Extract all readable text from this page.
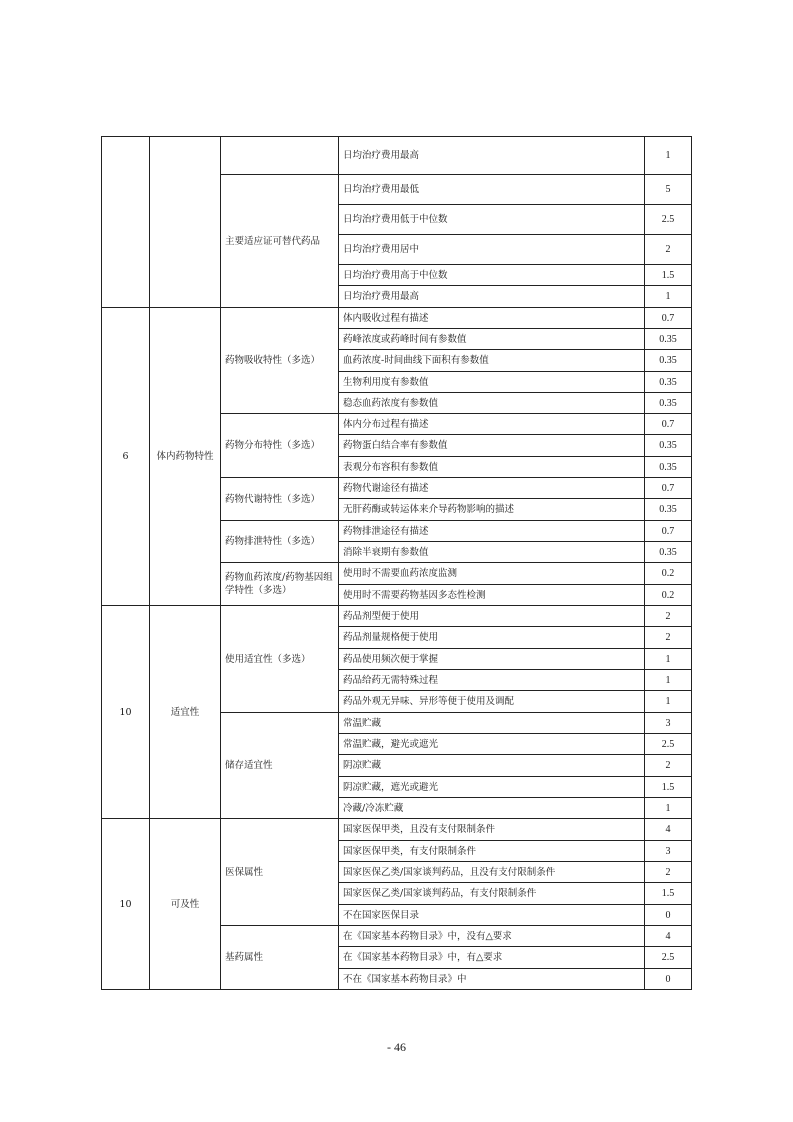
			日均治疗费用最高	1
		主要适应证可替代药品	日均治疗费用最低	5
			日均治疗费用低于中位数	2.5
			日均治疗费用居中	2
			日均治疗费用高于中位数	1.5
			日均治疗费用最高	1
6	体内药物特性	药物吸收特性（多选）	体内吸收过程有描述	0.7
			药峰浓度或药峰时间有参数值	0.35
			血药浓度-时间曲线下面积有参数值	0.35
			生物利用度有参数值	0.35
			稳态血药浓度有参数值	0.35
		药物分布特性（多选）	体内分布过程有描述	0.7
			药物蛋白结合率有参数值	0.35
			表观分布容积有参数值	0.35
		药物代谢特性（多选）	药物代谢途径有描述	0.7
			无肝药酶或转运体来介导药物影响的描述	0.35
		药物排泄特性（多选）	药物排泄途径有描述	0.7
			消除半衰期有参数值	0.35
		药物血药浓度/药物基因组学特性（多选）	使用时不需要血药浓度监测	0.2
			使用时不需要药物基因多态性检测	0.2
10	适宜性	使用适宜性（多选）	药品剂型便于使用	2
			药品剂量规格便于使用	2
			药品使用频次便于掌握	1
			药品给药无需特殊过程	1
			药品外观无异味、异形等便于使用及调配	1
		储存适宜性	常温贮藏	3
			常温贮藏，避光或遮光	2.5
			阴凉贮藏	2
			阴凉贮藏，遮光或避光	1.5
			冷藏/冷冻贮藏	1
10	可及性	医保属性	国家医保甲类，且没有支付限制条件	4
			国家医保甲类，有支付限制条件	3
			国家医保乙类/国家谈判药品，且没有支付限制条件	2
			国家医保乙类/国家谈判药品，有支付限制条件	1.5
			不在国家医保目录	0
		基药属性	在《国家基本药物目录》中，没有△要求	4
			在《国家基本药物目录》中，有△要求	2.5
			不在《国家基本药物目录》中	0
- 46
